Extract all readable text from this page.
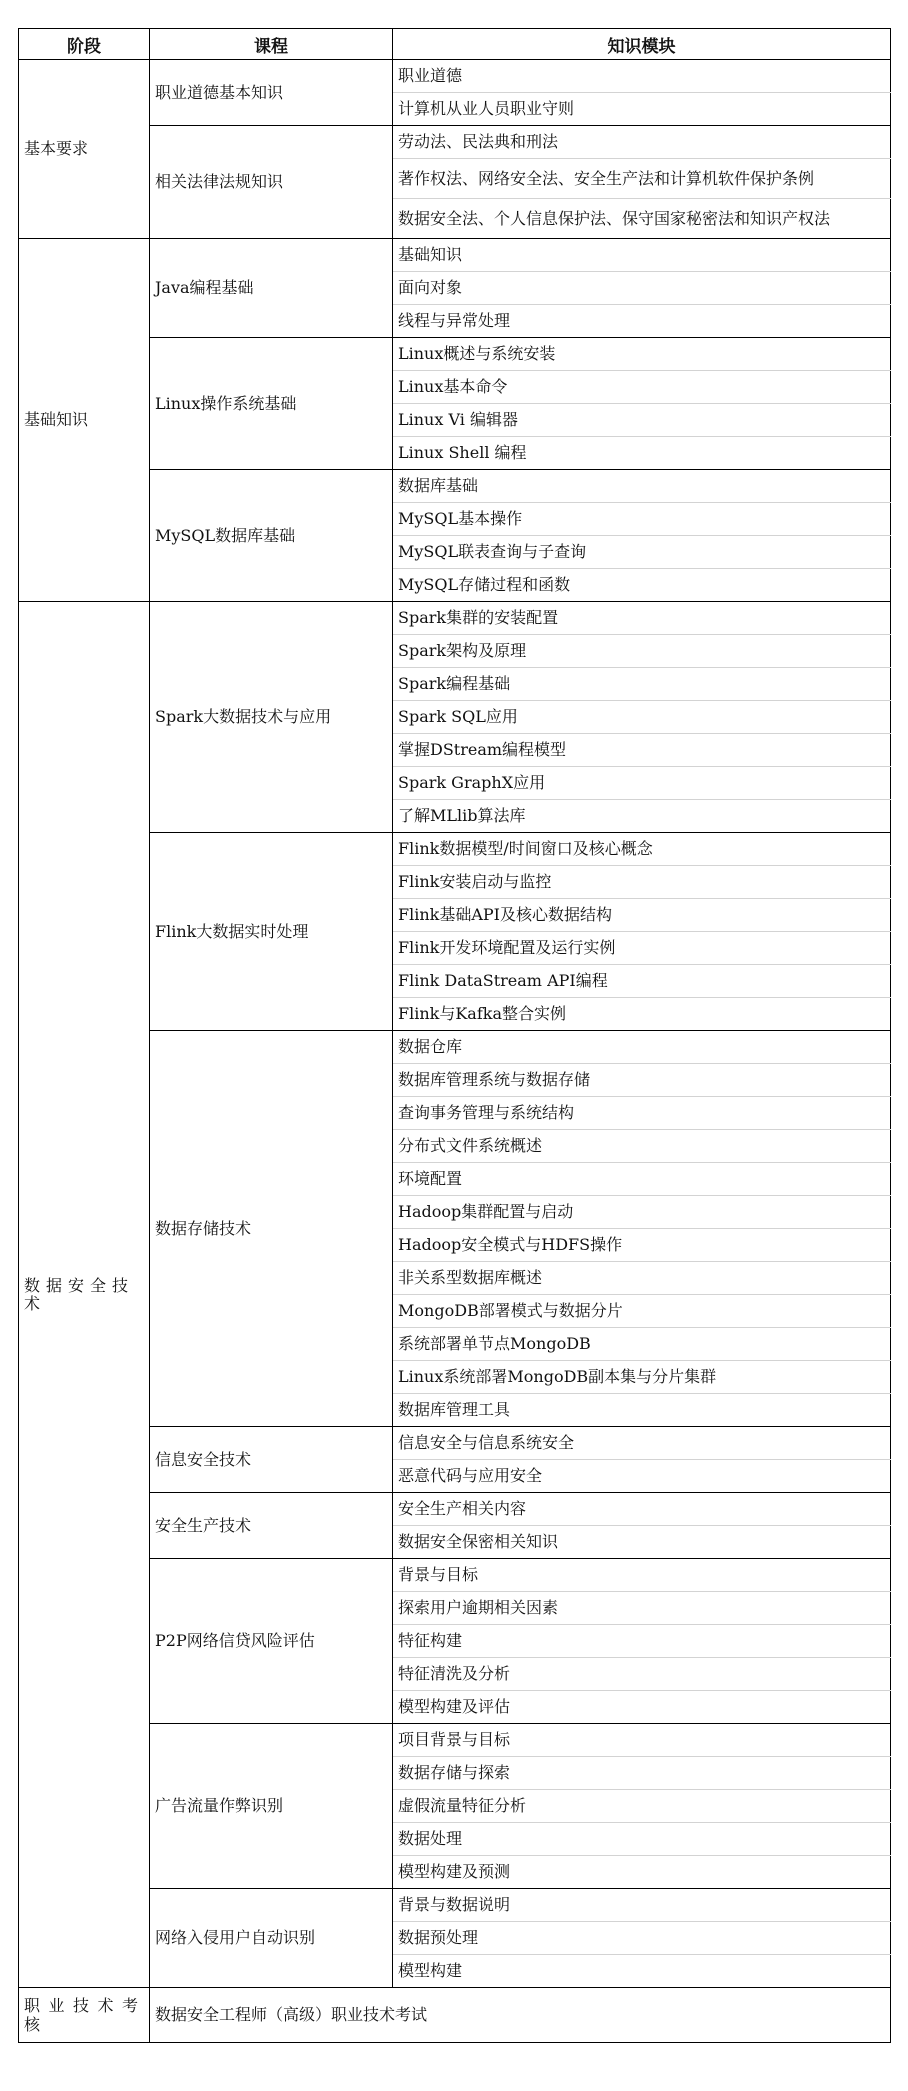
阶段	课程	知识模块
基本要求	职业道德基本知识	职业道德
		计算机从业人员职业守则
	相关法律法规知识	劳动法、民法典和刑法
		著作权法、网络安全法、安全生产法和计算机软件保护条例
		数据安全法、个人信息保护法、保守国家秘密法和知识产权法
基础知识	Java编程基础	基础知识
		面向对象
		线程与异常处理
	Linux操作系统基础	Linux概述与系统安装
		Linux基本命令
		Linux Vi 编辑器
		Linux Shell 编程
	MySQL数据库基础	数据库基础
		MySQL基本操作
		MySQL联表查询与子查询
		MySQL存储过程和函数
数据安全技术	Spark大数据技术与应用	Spark集群的安装配置
		Spark架构及原理
		Spark编程基础
		Spark SQL应用
		掌握DStream编程模型
		Spark GraphX应用
		了解MLlib算法库
	Flink大数据实时处理	Flink数据模型/时间窗口及核心概念
		Flink安装启动与监控
		Flink基础API及核心数据结构
		Flink开发环境配置及运行实例
		Flink DataStream API编程
		Flink与Kafka整合实例
	数据存储技术	数据仓库
		数据库管理系统与数据存储
		查询事务管理与系统结构
		分布式文件系统概述
		环境配置
		Hadoop集群配置与启动
		Hadoop安全模式与HDFS操作
		非关系型数据库概述
		MongoDB部署模式与数据分片
		系统部署单节点MongoDB
		Linux系统部署MongoDB副本集与分片集群
		数据库管理工具
	信息安全技术	信息安全与信息系统安全
		恶意代码与应用安全
	安全生产技术	安全生产相关内容
		数据安全保密相关知识
	P2P网络信贷风险评估	背景与目标
		探索用户逾期相关因素
		特征构建
		特征清洗及分析
		模型构建及评估
	广告流量作弊识别	项目背景与目标
		数据存储与探索
		虚假流量特征分析
		数据处理
		模型构建及预测
	网络入侵用户自动识别	背景与数据说明
		数据预处理
		模型构建
职业技术考核	数据安全工程师（高级）职业技术考试	
